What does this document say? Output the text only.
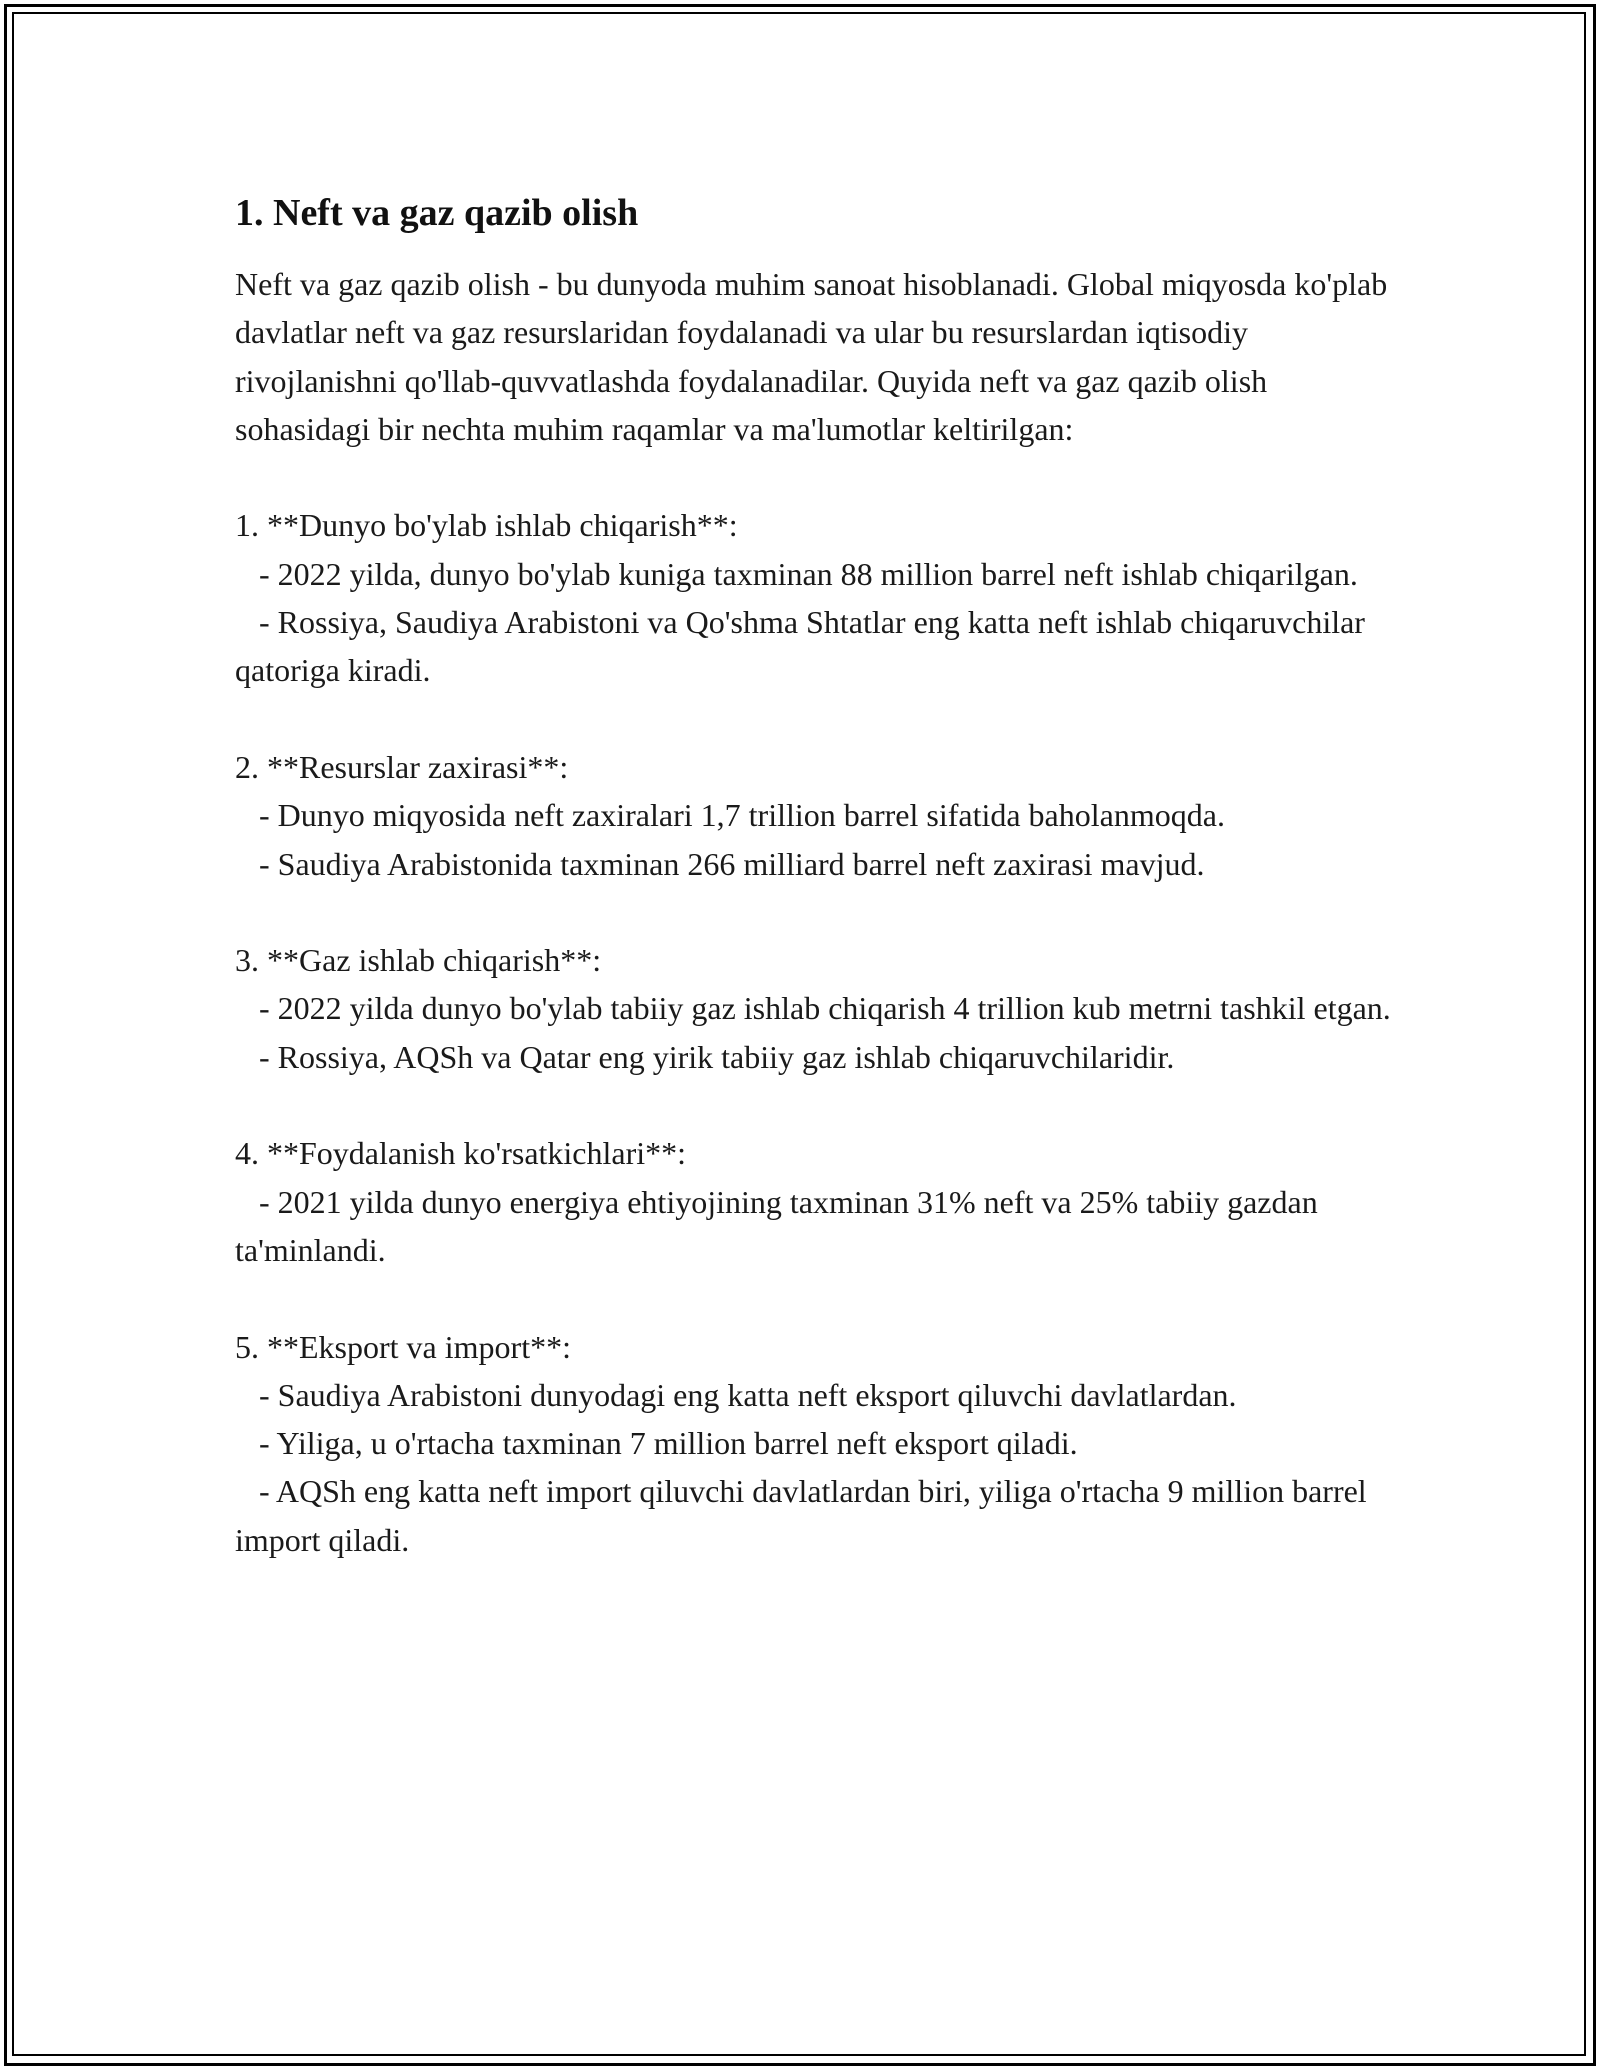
1. Neft va gaz qazib olish

Neft va gaz qazib olish - bu dunyoda muhim sanoat hisoblanadi. Global miqyosda ko'plab davlatlar neft va gaz resurslaridan foydalanadi va ular bu resurslardan iqtisodiy rivojlanishni qo'llab-quvvatlashda foydalanadilar. Quyida neft va gaz qazib olish sohasidagi bir nechta muhim raqamlar va ma'lumotlar keltirilgan:

1. **Dunyo bo'ylab ishlab chiqarish**:

- 2022 yilda, dunyo bo'ylab kuniga taxminan 88 million barrel neft ishlab chiqarilgan.

- Rossiya, Saudiya Arabistoni va Qo'shma Shtatlar eng katta neft ishlab chiqaruvchilar qatoriga kiradi.

2. **Resurslar zaxirasi**:

- Dunyo miqyosida neft zaxiralari 1,7 trillion barrel sifatida baholanmoqda.

- Saudiya Arabistonida taxminan 266 milliard barrel neft zaxirasi mavjud.

3. **Gaz ishlab chiqarish**:

- 2022 yilda dunyo bo'ylab tabiiy gaz ishlab chiqarish 4 trillion kub metrni tashkil etgan.

- Rossiya, AQSh va Qatar eng yirik tabiiy gaz ishlab chiqaruvchilaridir.

4. **Foydalanish ko'rsatkichlari**:

- 2021 yilda dunyo energiya ehtiyojining taxminan 31% neft va 25% tabiiy gazdan ta'minlandi.

5. **Eksport va import**:

- Saudiya Arabistoni dunyodagi eng katta neft eksport qiluvchi davlatlardan.

- Yiliga, u o'rtacha taxminan 7 million barrel neft eksport qiladi.

- AQSh eng katta neft import qiluvchi davlatlardan biri, yiliga o'rtacha 9 million barrel import qiladi.
